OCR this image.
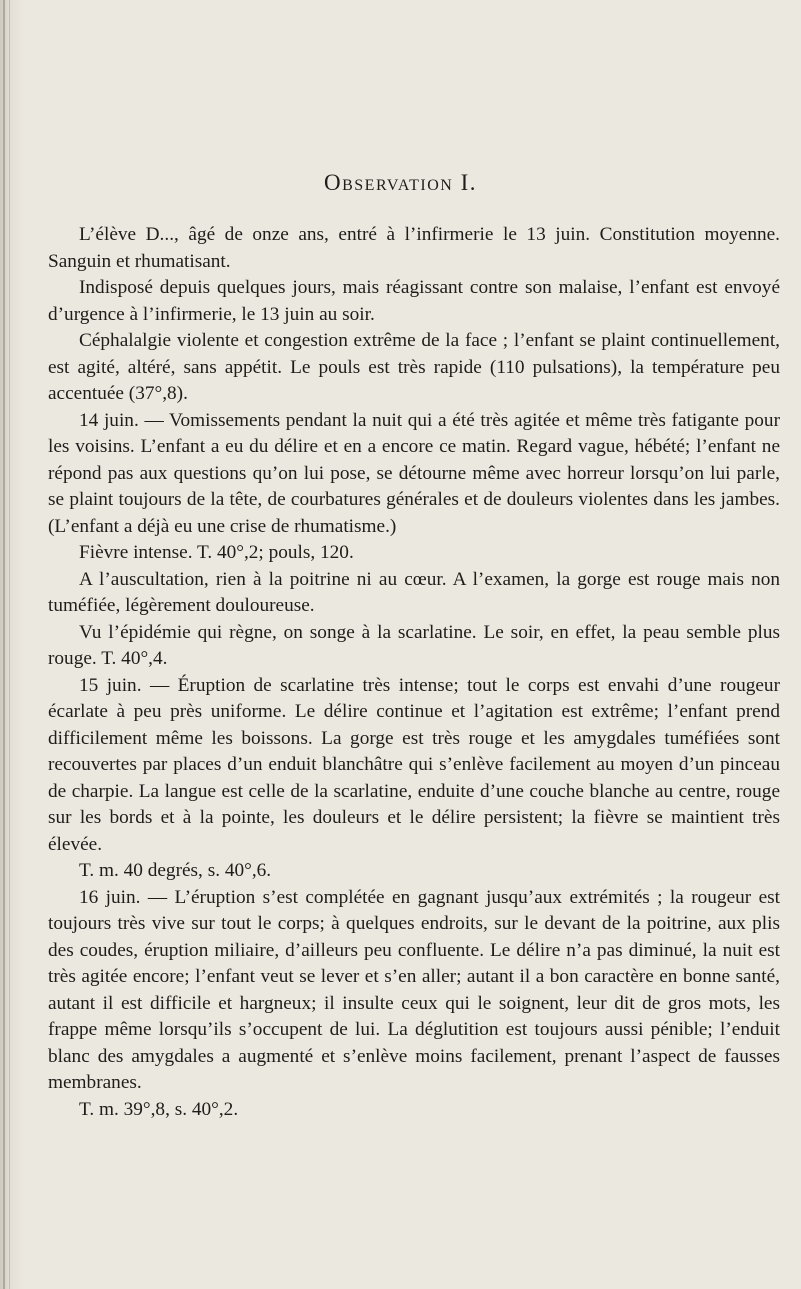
Observation I.

L’élève D..., âgé de onze ans, entré à l’infirmerie le 13 juin. Constitution moyenne. Sanguin et rhumatisant.

Indisposé depuis quelques jours, mais réagissant contre son malaise, l’enfant est envoyé d’urgence à l’infirmerie, le 13 juin au soir.

Céphalalgie violente et congestion extrême de la face ; l’enfant se plaint continuellement, est agité, altéré, sans appétit. Le pouls est très rapide (110 pulsations), la température peu accentuée (37°,8).

14 juin. — Vomissements pendant la nuit qui a été très agitée et même très fatigante pour les voisins. L’enfant a eu du délire et en a encore ce matin. Regard vague, hébété; l’enfant ne répond pas aux questions qu’on lui pose, se détourne même avec horreur lorsqu’on lui parle, se plaint toujours de la tête, de courbatures générales et de douleurs violentes dans les jambes. (L’enfant a déjà eu une crise de rhumatisme.)

Fièvre intense. T. 40°,2; pouls, 120.

A l’auscultation, rien à la poitrine ni au cœur. A l’examen, la gorge est rouge mais non tuméfiée, légèrement douloureuse.

Vu l’épidémie qui règne, on songe à la scarlatine. Le soir, en effet, la peau semble plus rouge. T. 40°,4.

15 juin. — Éruption de scarlatine très intense; tout le corps est envahi d’une rougeur écarlate à peu près uniforme. Le délire continue et l’agitation est extrême; l’enfant prend difficilement même les boissons. La gorge est très rouge et les amygdales tuméfiées sont recouvertes par places d’un enduit blanchâtre qui s’enlève facilement au moyen d’un pinceau de charpie. La langue est celle de la scarlatine, enduite d’une couche blanche au centre, rouge sur les bords et à la pointe, les douleurs et le délire persistent; la fièvre se maintient très élevée.

T. m. 40 degrés, s. 40°,6.

16 juin. — L’éruption s’est complétée en gagnant jusqu’aux extrémités ; la rougeur est toujours très vive sur tout le corps; à quelques endroits, sur le devant de la poitrine, aux plis des coudes, éruption miliaire, d’ailleurs peu confluente. Le délire n’a pas diminué, la nuit est très agitée encore; l’enfant veut se lever et s’en aller; autant il a bon caractère en bonne santé, autant il est difficile et hargneux; il insulte ceux qui le soignent, leur dit de gros mots, les frappe même lorsqu’ils s’occupent de lui. La déglutition est toujours aussi pénible; l’enduit blanc des amygdales a augmenté et s’enlève moins facilement, prenant l’aspect de fausses membranes.

T. m. 39°,8, s. 40°,2.
